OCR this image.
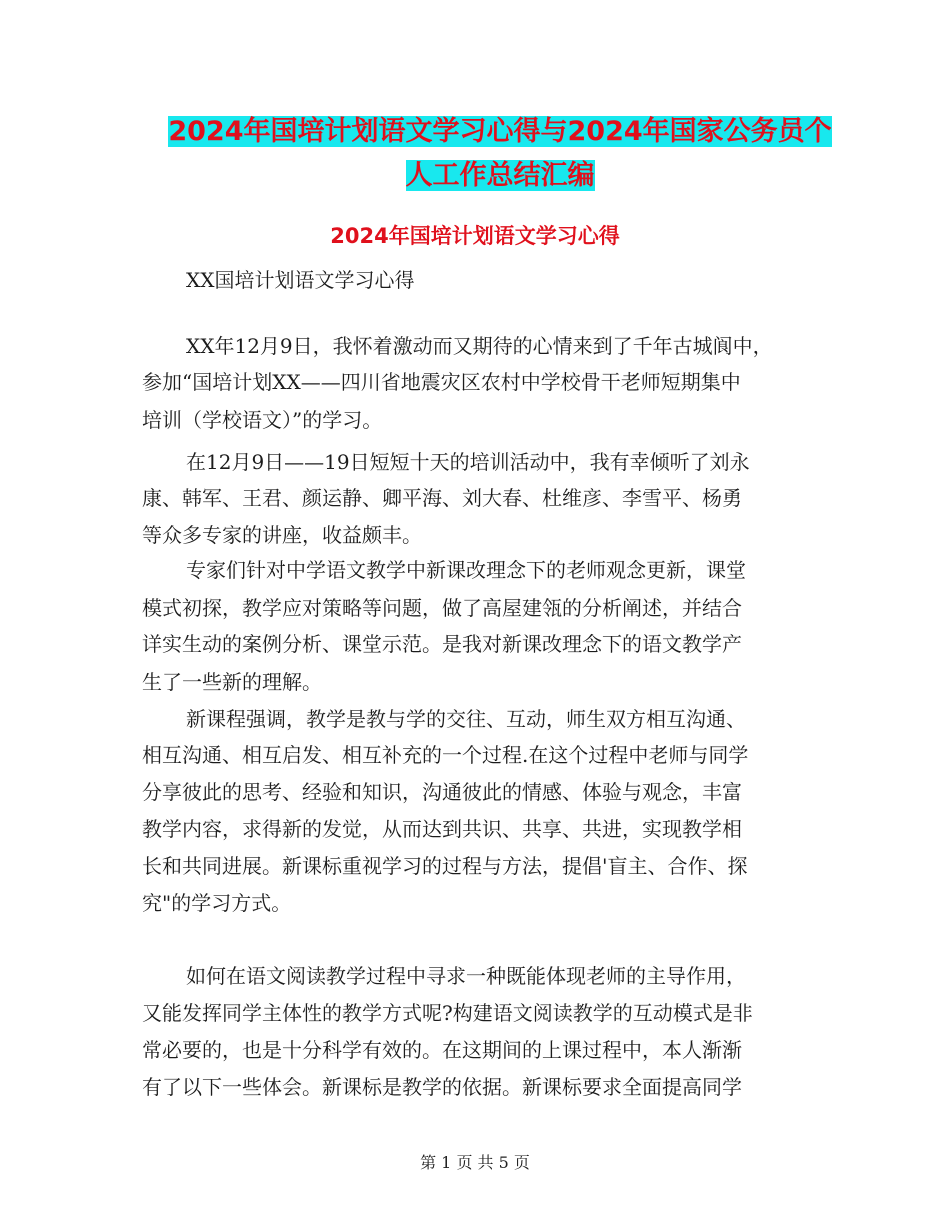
2024年国培计划语文学习心得与2024年国家公务员个
人工作总结汇编
2024年国培计划语文学习心得

XX国培计划语文学习心得

XX年12月9日，我怀着激动而又期待的心情来到了千年古城阆中，

参加“国培计划XX——四川省地震灾区农村中学校骨干老师短期集中

培训（学校语文）”的学习。

在12月9日——19日短短十天的培训活动中，我有幸倾听了刘永

康、韩军、王君、颜运静、卿平海、刘大春、杜维彦、李雪平、杨勇

等众多专家的讲座，收益颇丰。

专家们针对中学语文教学中新课改理念下的老师观念更新，课堂

模式初探，教学应对策略等问题，做了高屋建瓴的分析阐述，并结合

详实生动的案例分析、课堂示范。是我对新课改理念下的语文教学产

生了一些新的理解。

新课程强调，教学是教与学的交往、互动，师生双方相互沟通、

相互沟通、相互启发、相互补充的一个过程.在这个过程中老师与同学

分享彼此的思考、经验和知识，沟通彼此的情感、体验与观念，丰富

教学内容，求得新的发觉，从而达到共识、共享、共进，实现教学相

长和共同进展。新课标重视学习的过程与方法，提倡'盲主、合作、探

究"的学习方式。

如何在语文阅读教学过程中寻求一种既能体现老师的主导作用，

又能发挥同学主体性的教学方式呢?构建语文阅读教学的互动模式是非

常必要的，也是十分科学有效的。在这期间的上课过程中，本人渐渐

有了以下一些体会。新课标是教学的依据。新课标要求全面提高同学

第 1 页 共 5 页
